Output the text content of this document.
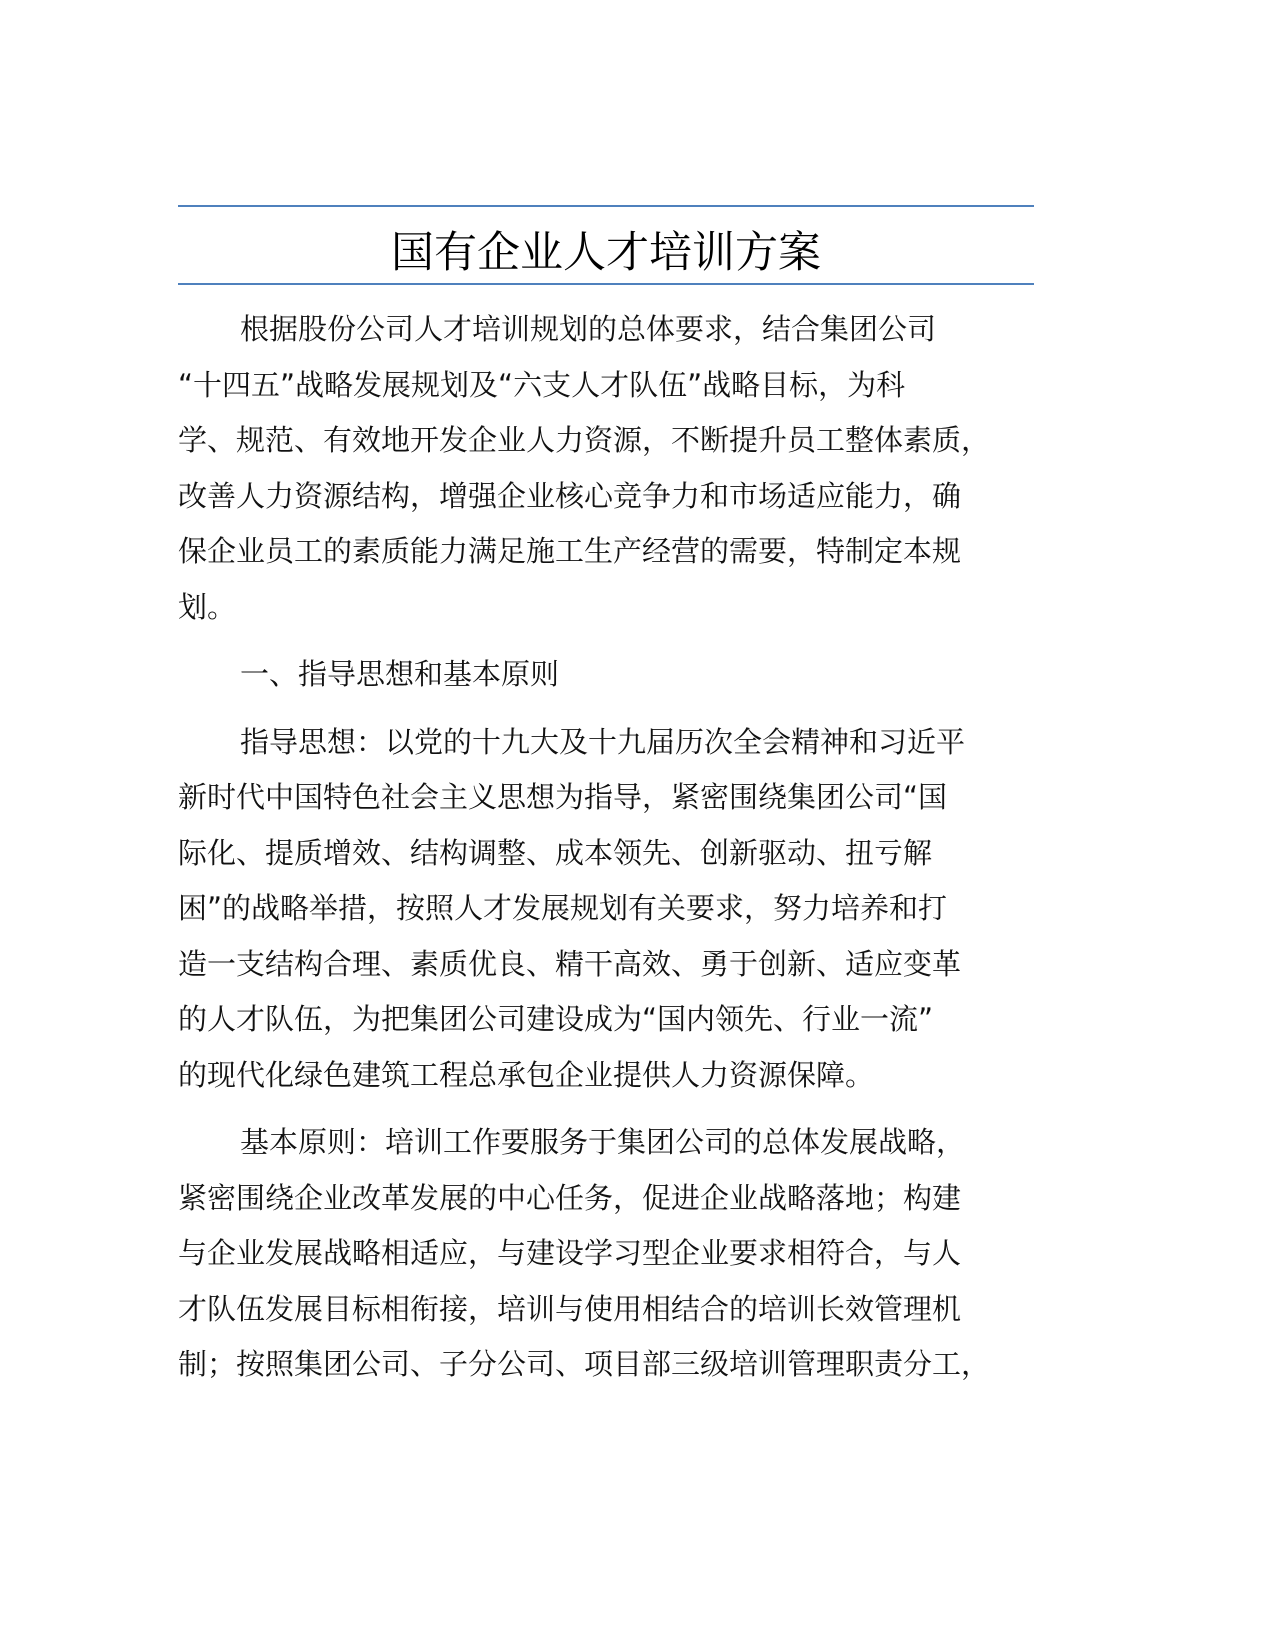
国有企业人才培训方案
根据股份公司人才培训规划的总体要求，结合集团公司
“十四五”战略发展规划及“六支人才队伍”战略目标，为科
学、规范、有效地开发企业人力资源，不断提升员工整体素质，
改善人力资源结构，增强企业核心竞争力和市场适应能力，确
保企业员工的素质能力满足施工生产经营的需要，特制定本规
划。
一、指导思想和基本原则
指导思想：以党的十九大及十九届历次全会精神和习近平
新时代中国特色社会主义思想为指导，紧密围绕集团公司“国
际化、提质增效、结构调整、成本领先、创新驱动、扭亏解
困”的战略举措，按照人才发展规划有关要求，努力培养和打
造一支结构合理、素质优良、精干高效、勇于创新、适应变革
的人才队伍，为把集团公司建设成为“国内领先、行业一流”
的现代化绿色建筑工程总承包企业提供人力资源保障。
基本原则：培训工作要服务于集团公司的总体发展战略，
紧密围绕企业改革发展的中心任务，促进企业战略落地；构建
与企业发展战略相适应，与建设学习型企业要求相符合，与人
才队伍发展目标相衔接，培训与使用相结合的培训长效管理机
制；按照集团公司、子分公司、项目部三级培训管理职责分工，
